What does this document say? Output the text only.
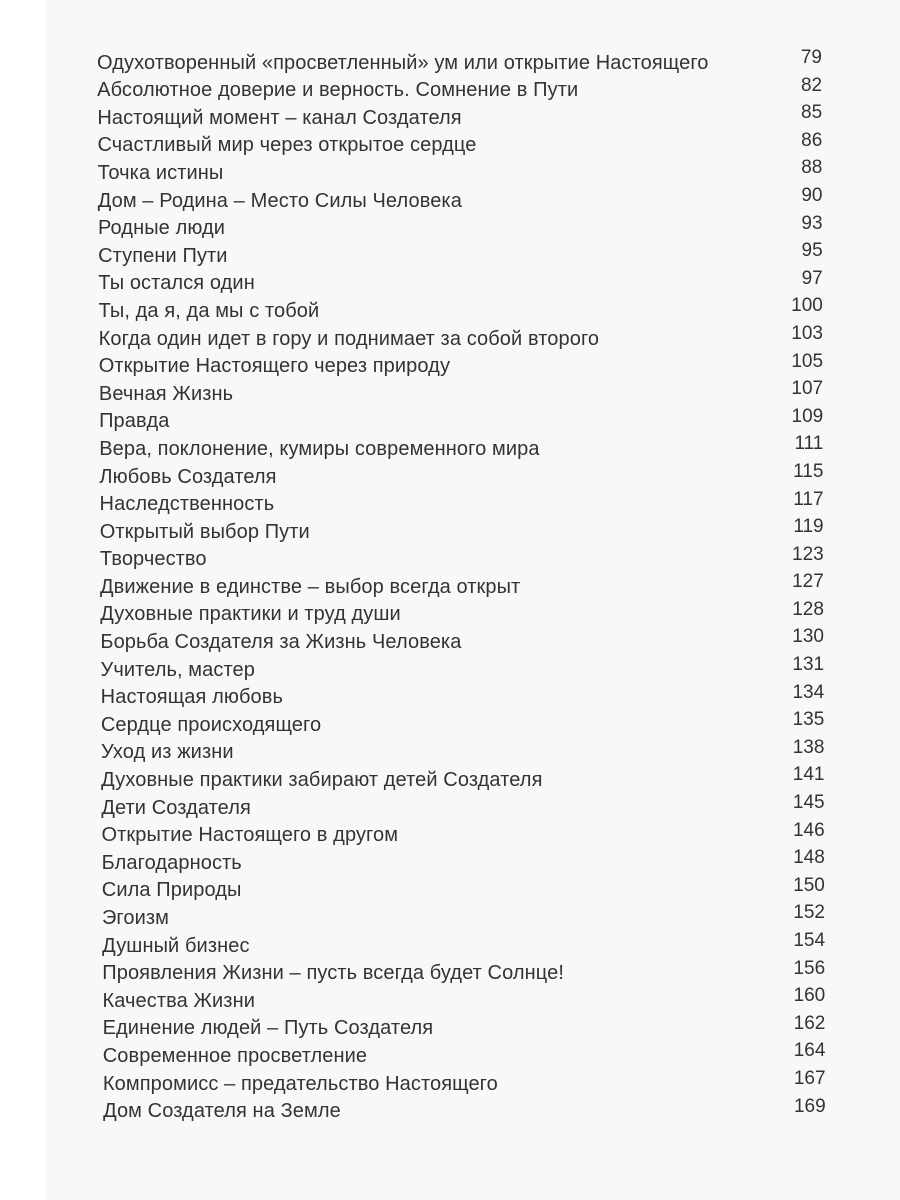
Одухотворенный «просветленный» ум или открытие Настоящего	79
Абсолютное доверие и верность. Сомнение в Пути	82
Настоящий момент – канал Создателя	85
Счастливый мир через открытое сердце	86
Точка истины	88
Дом – Родина – Место Силы Человека	90
Родные люди	93
Ступени Пути	95
Ты остался один	97
Ты, да я, да мы с тобой	100
Когда один идет в гору и поднимает за собой второго	103
Открытие Настоящего через природу	105
Вечная Жизнь	107
Правда	109
Вера, поклонение, кумиры современного мира	111
Любовь Создателя	115
Наследственность	117
Открытый выбор Пути	119
Творчество	123
Движение в единстве – выбор всегда открыт	127
Духовные практики и труд души	128
Борьба Создателя за Жизнь Человека	130
Учитель, мастер	131
Настоящая любовь	134
Сердце происходящего	135
Уход из жизни	138
Духовные практики забирают детей Создателя	141
Дети Создателя	145
Открытие Настоящего в другом	146
Благодарность	148
Сила Природы	150
Эгоизм	152
Душный бизнес	154
Проявления Жизни – пусть всегда будет Солнце!	156
Качества Жизни	160
Единение людей – Путь Создателя	162
Современное просветление	164
Компромисс – предательство Настоящего	167
Дом Создателя на Земле	169
